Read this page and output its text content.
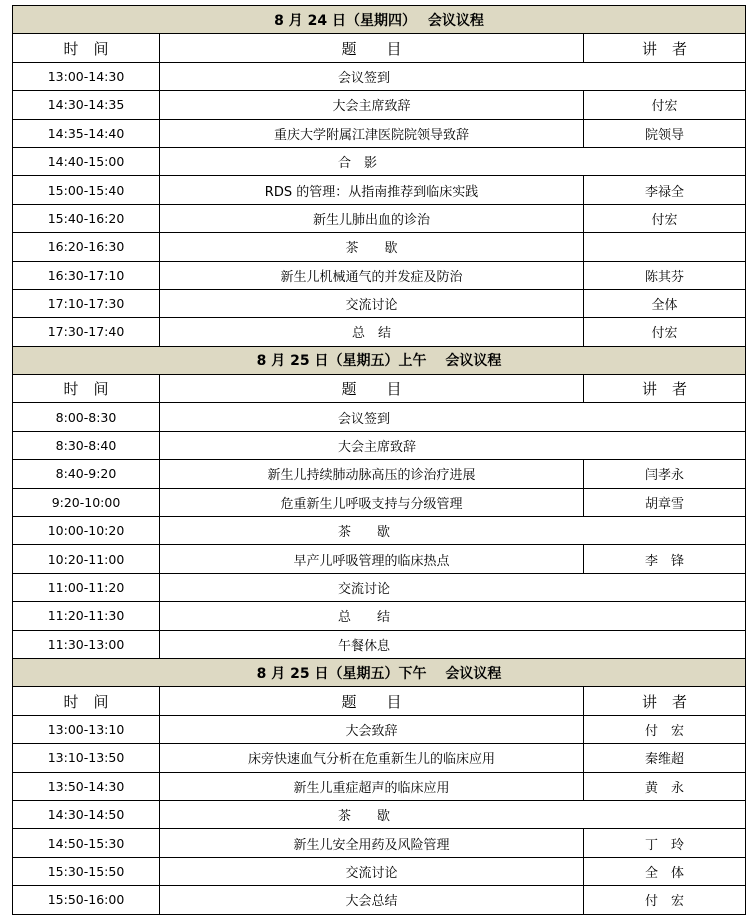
8 月 24 日（星期四）　 会议议程		
时　间	题　　目	讲　者
13:00-14:30	会议签到	
14:30-14:35	大会主席致辞	付宏
14:35-14:40	重庆大学附属江津医院院领导致辞	院领导
14:40-15:00	合　影	
15:00-15:40	RDS 的管理：从指南推荐到临床实践	李禄全
15:40-16:20	新生儿肺出血的诊治	付宏
16:20-16:30	茶　　歇	
16:30-17:10	新生儿机械通气的并发症及防治	陈其芬
17:10-17:30	交流讨论	全体
17:30-17:40	总　结	付宏
8 月 25 日（星期五）上午　 会议议程		
时　间	题　　目	讲　者
8:00-8:30	会议签到	
8:30-8:40	大会主席致辞	
8:40-9:20	新生儿持续肺动脉高压的诊治疗进展	闫孝永
9:20-10:00	危重新生儿呼吸支持与分级管理	胡章雪
10:00-10:20	茶　　歇	
10:20-11:00	早产儿呼吸管理的临床热点	李　锋
11:00-11:20	交流讨论	
11:20-11:30	总　　结	
11:30-13:00	午餐休息	
8 月 25 日（星期五）下午　 会议议程		
时　间	题　　目	讲　者
13:00-13:10	大会致辞	付　宏
13:10-13:50	床旁快速血气分析在危重新生儿的临床应用	秦维超
13:50-14:30	新生儿重症超声的临床应用	黄　永
14:30-14:50	茶　　歇	
14:50-15:30	新生儿安全用药及风险管理	丁　玲
15:30-15:50	交流讨论	全　体
15:50-16:00	大会总结	付　宏
